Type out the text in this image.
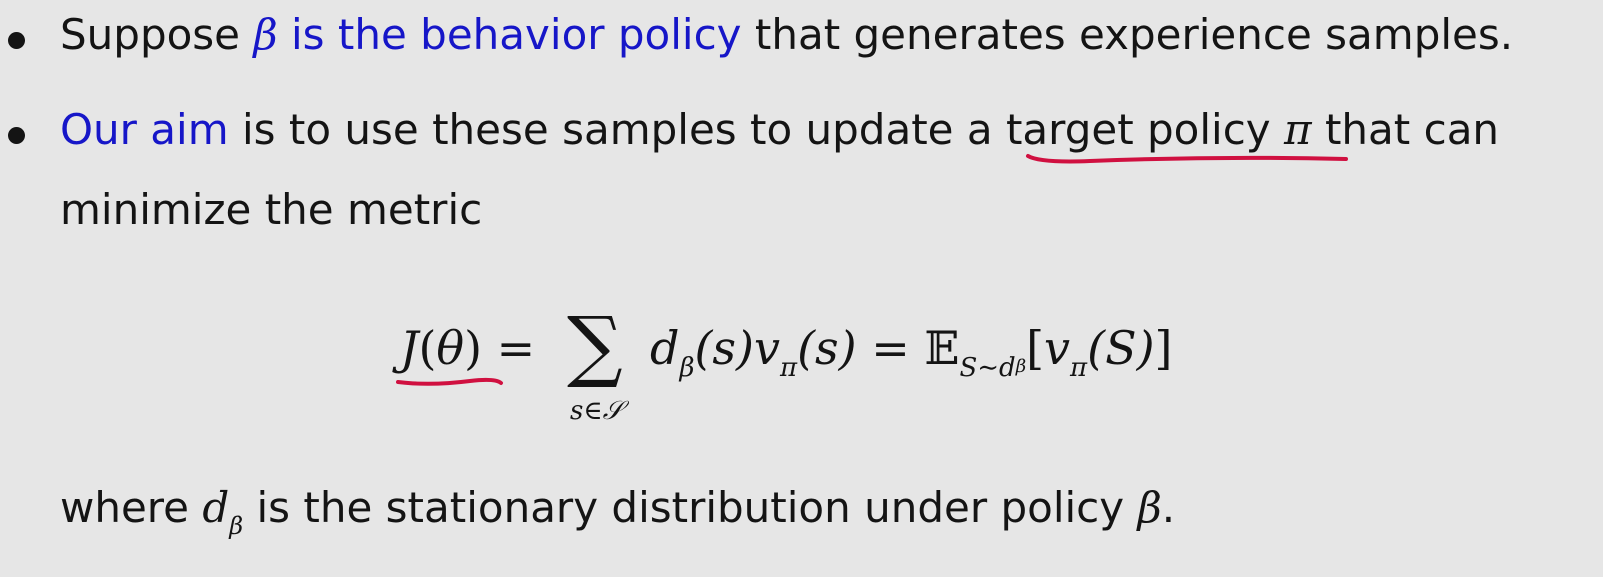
Suppose β is the behavior policy that generates experience samples.
Our aim is to use these samples to update a target policy π that can
minimize the metric
J(θ) = ∑
s∈𝒮
$d_\beta(s)v_\pi(s)$ = $𝔼_{S\sim d}\beta[v_\pi(S)]$
where $d_\beta$ is the stationary distribution under policy β.
